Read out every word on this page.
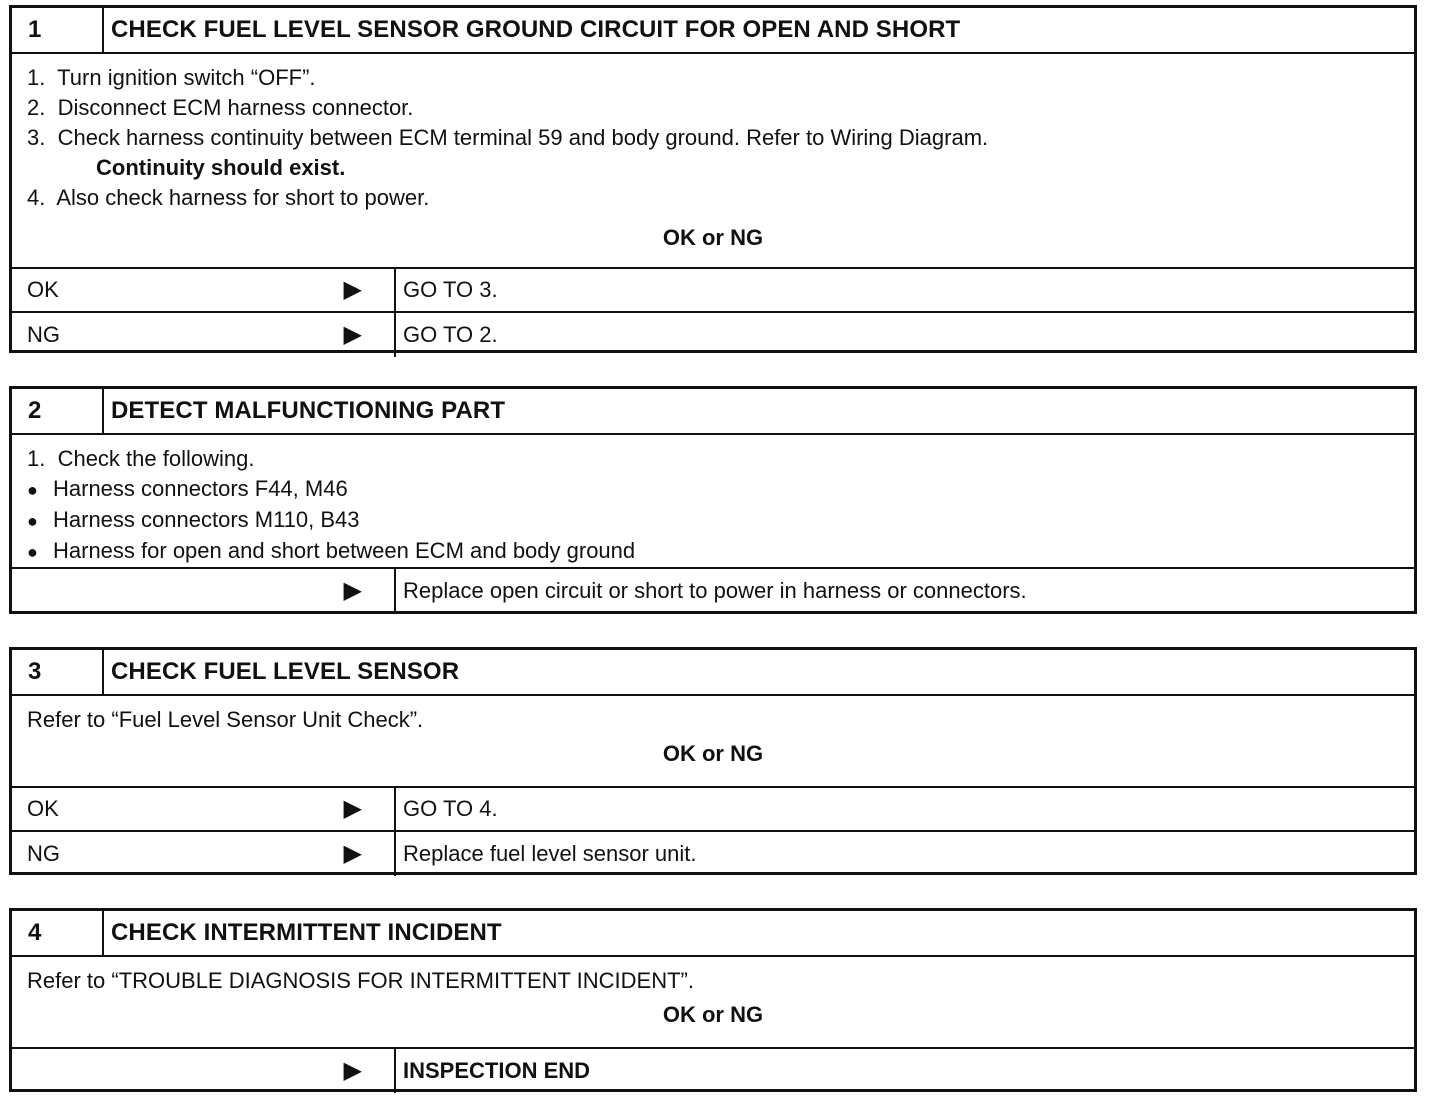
1	CHECK FUEL LEVEL SENSOR GROUND CIRCUIT FOR OPEN AND SHORT
1.  Turn ignition switch “OFF”.
2.  Disconnect ECM harness connector.
3.  Check harness continuity between ECM terminal 59 and body ground. Refer to Wiring Diagram.
Continuity should exist.
4.  Also check harness for short to power.
OK or NG
OK	▶	GO TO 3.
NG	▶	GO TO 2.
2	DETECT MALFUNCTIONING PART
1.  Check the following.
● Harness connectors F44, M46
● Harness connectors M110, B43
● Harness for open and short between ECM and body ground
▶	Replace open circuit or short to power in harness or connectors.
3	CHECK FUEL LEVEL SENSOR
Refer to “Fuel Level Sensor Unit Check”.
OK or NG
OK	▶	GO TO 4.
NG	▶	Replace fuel level sensor unit.
4	CHECK INTERMITTENT INCIDENT
Refer to “TROUBLE DIAGNOSIS FOR INTERMITTENT INCIDENT”.
OK or NG
▶	INSPECTION END
